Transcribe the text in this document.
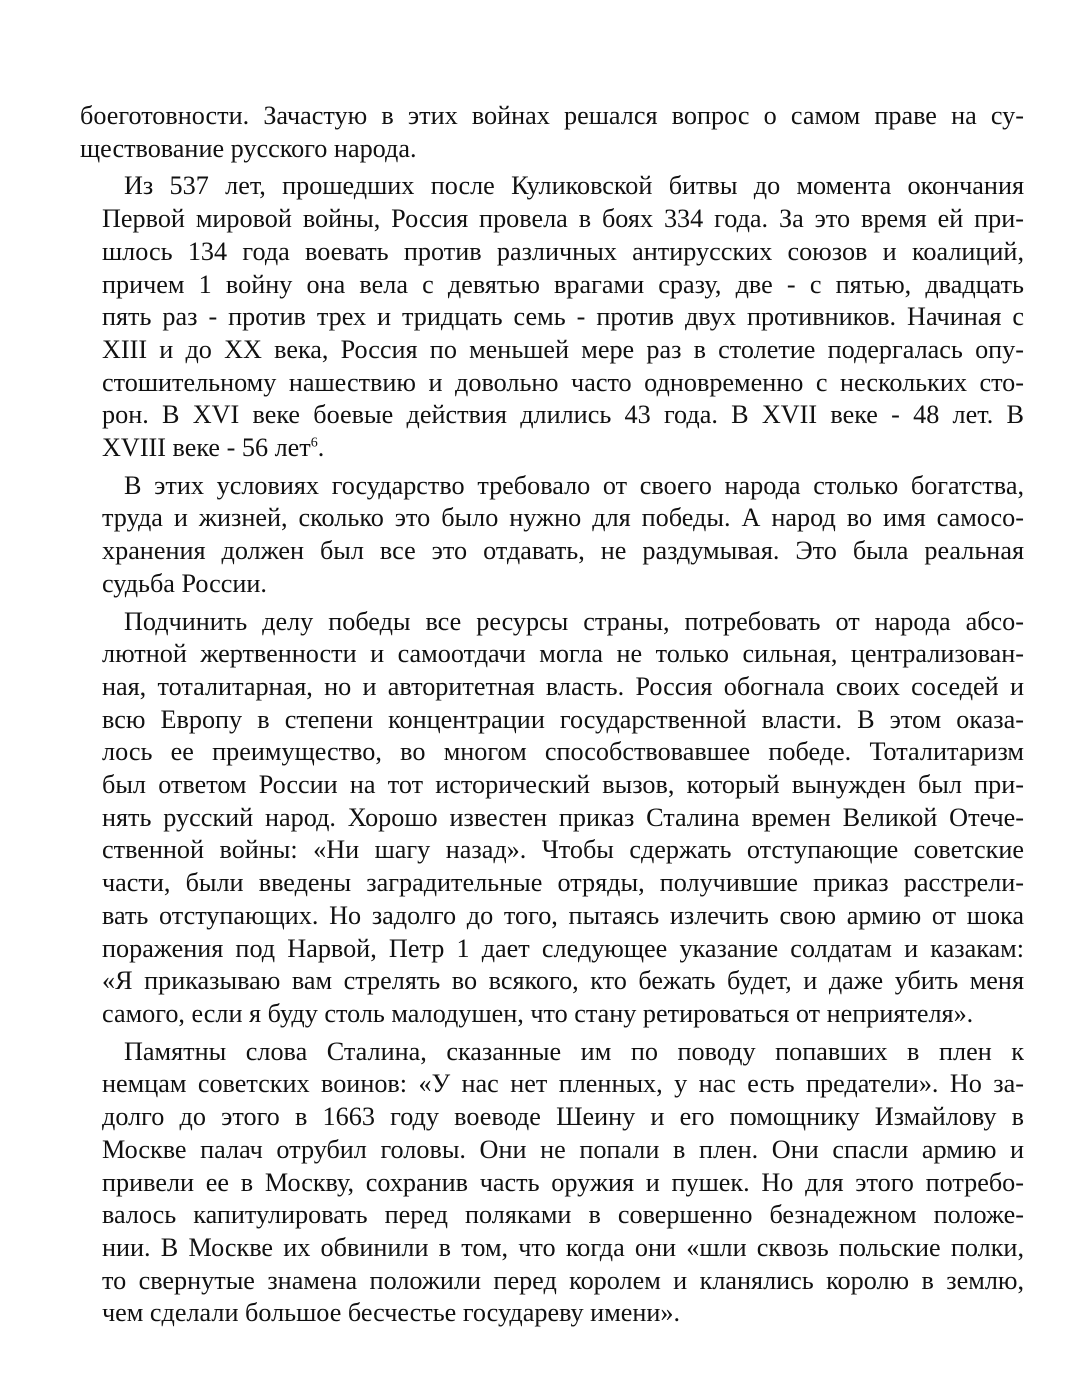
боеготовности. Зачастую в этих войнах решался вопрос о самом праве на су-
ществование русского народа.
Из 537 лет, прошедших после Куликовской битвы до момента окончания
Первой мировой войны, Россия провела в боях 334 года. За это время ей при-
шлось 134 года воевать против различных антирусских союзов и коалиций,
причем 1 войну она вела с девятью врагами сразу, две - с пятью, двадцать
пять раз - против трех и тридцать семь - против двух противников. Начиная с
XIII и до XX века, Россия по меньшей мере раз в столетие подергалась опу-
стошительному нашествию и довольно часто одновременно с нескольких сто-
рон. В XVI веке боевые действия длились 43 года. В XVII веке - 48 лет. В
XVIII веке - 56 лет$^6$.
В этих условиях государство требовало от своего народа столько богатства,
труда и жизней, сколько это было нужно для победы. А народ во имя самосо-
хранения должен был все это отдавать, не раздумывая. Это была реальная
судьба России.
Подчинить делу победы все ресурсы страны, потребовать от народа абсо-
лютной жертвенности и самоотдачи могла не только сильная, централизован-
ная, тоталитарная, но и авторитетная власть. Россия обогнала своих соседей и
всю Европу в степени концентрации государственной власти. В этом оказа-
лось ее преимущество, во многом способствовавшее победе. Тоталитаризм
был ответом России на тот исторический вызов, который вынужден был при-
нять русский народ. Хорошо известен приказ Сталина времен Великой Отече-
ственной войны: «Ни шагу назад». Чтобы сдержать отступающие советские
части, были введены заградительные отряды, получившие приказ расстрели-
вать отступающих. Но задолго до того, пытаясь излечить свою армию от шока
поражения под Нарвой, Петр 1 дает следующее указание солдатам и казакам:
«Я приказываю вам стрелять во всякого, кто бежать будет, и даже убить меня
самого, если я буду столь малодушен, что стану ретироваться от неприятеля».
Памятны слова Сталина, сказанные им по поводу попавших в плен к
немцам советских воинов: «У нас нет пленных, у нас есть предатели». Но за-
долго до этого в 1663 году воеводе Шеину и его помощнику Измайлову в
Москве палач отрубил головы. Они не попали в плен. Они спасли армию и
привели ее в Москву, сохранив часть оружия и пушек. Но для этого потребо-
валось капитулировать перед поляками в совершенно безнадежном положе-
нии. В Москве их обвинили в том, что когда они «шли сквозь польские полки,
то свернутые знамена положили перед королем и кланялись королю в землю,
чем сделали большое бесчестье государеву имени».
